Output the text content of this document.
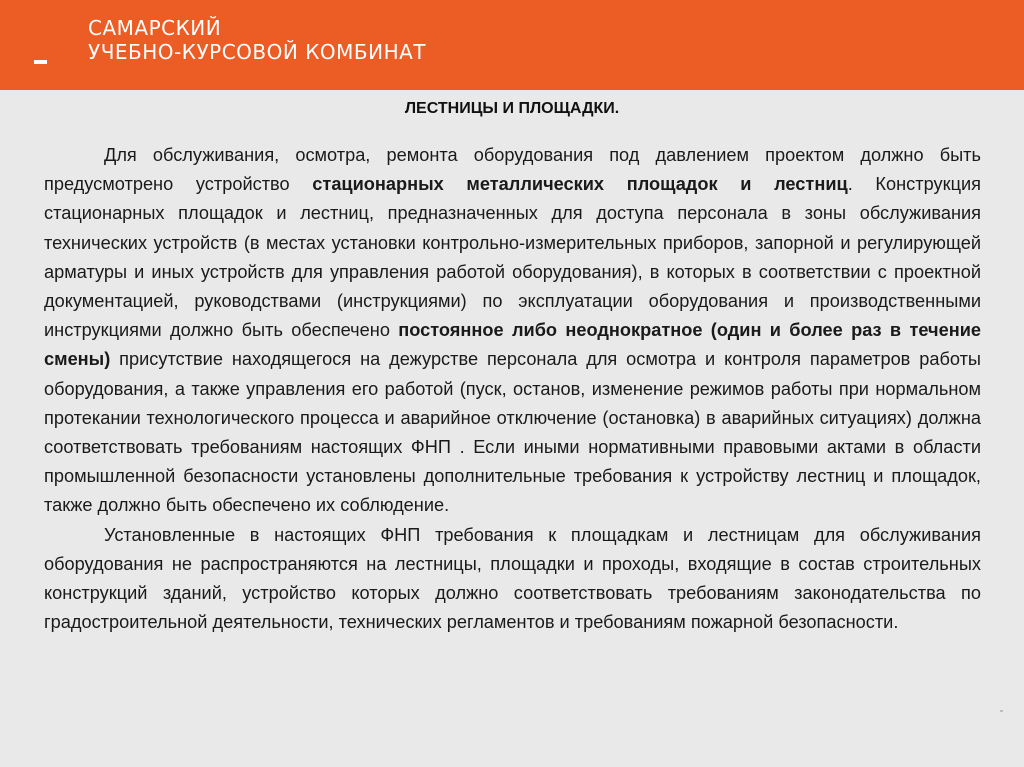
САМАРСКИЙ
УЧЕБНО-КУРСОВОЙ КОМБИНАТ
ЛЕСТНИЦЫ И ПЛОЩАДКИ.

Для обслуживания, осмотра, ремонта оборудования под давлением проектом должно быть предусмотрено устройство стационарных металлических площадок и лестниц. Конструкция стационарных площадок и лестниц, предназначенных для доступа персонала в зоны обслуживания технических устройств (в местах установки контрольно-измерительных приборов, запорной и регулирующей арматуры и иных устройств для управления работой оборудования), в которых в соответствии с проектной документацией, руководствами (инструкциями) по эксплуатации оборудования и производственными инструкциями должно быть обеспечено постоянное либо неоднократное (один и более раз в течение смены) присутствие находящегося на дежурстве персонала для осмотра и контроля параметров работы оборудования, а также управления его работой (пуск, останов, изменение режимов работы при нормальном протекании технологического процесса и аварийное отключение (остановка) в аварийных ситуациях) должна соответствовать требованиям настоящих ФНП . Если иными нормативными правовыми актами в области промышленной безопасности установлены дополнительные требования к устройству лестниц и площадок, также должно быть обеспечено их соблюдение.

Установленные в настоящих ФНП требования к площадкам и лестницам для обслуживания оборудования не распространяются на лестницы, площадки и проходы, входящие в состав строительных конструкций зданий, устройство которых должно соответствовать требованиям законодательства по градостроительной деятельности, технических регламентов и требованиям пожарной безопасности.
